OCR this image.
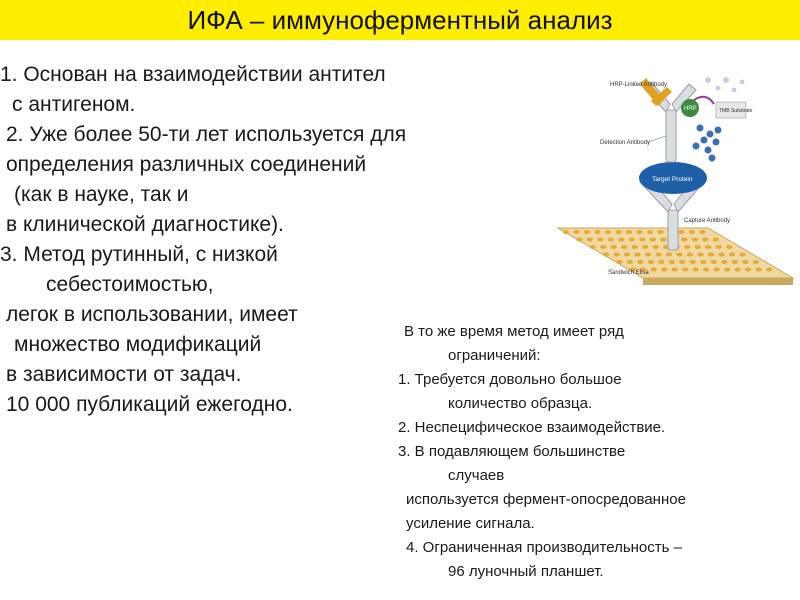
ИФА – иммуноферментный анализ
1. Основан на взаимодействии антител
с антигеном.
2. Уже более 50-ти лет используется для
определения различных соединений
(как в науке, так и
в клинической диагностике).
3. Метод рутинный, с низкой
себестоимостью,
легок в использовании, имеет
множество модификаций
в зависимости от задач.
10 000 публикаций ежегодно.
Target Protein
HRP	TMB Substrate
HRP-Linked Antibody
Detection Antibody
Capture Antibody
Sandwich Elisa
В то же время метод имеет ряд
ограничений:
1. Требуется довольно большое
количество образца.
2. Неспецифическое взаимодействие.
3. В подавляющем большинстве
случаев
используется фермент-опосредованное
усиление сигнала.
4. Ограниченная производительность –
96 луночный планшет.
